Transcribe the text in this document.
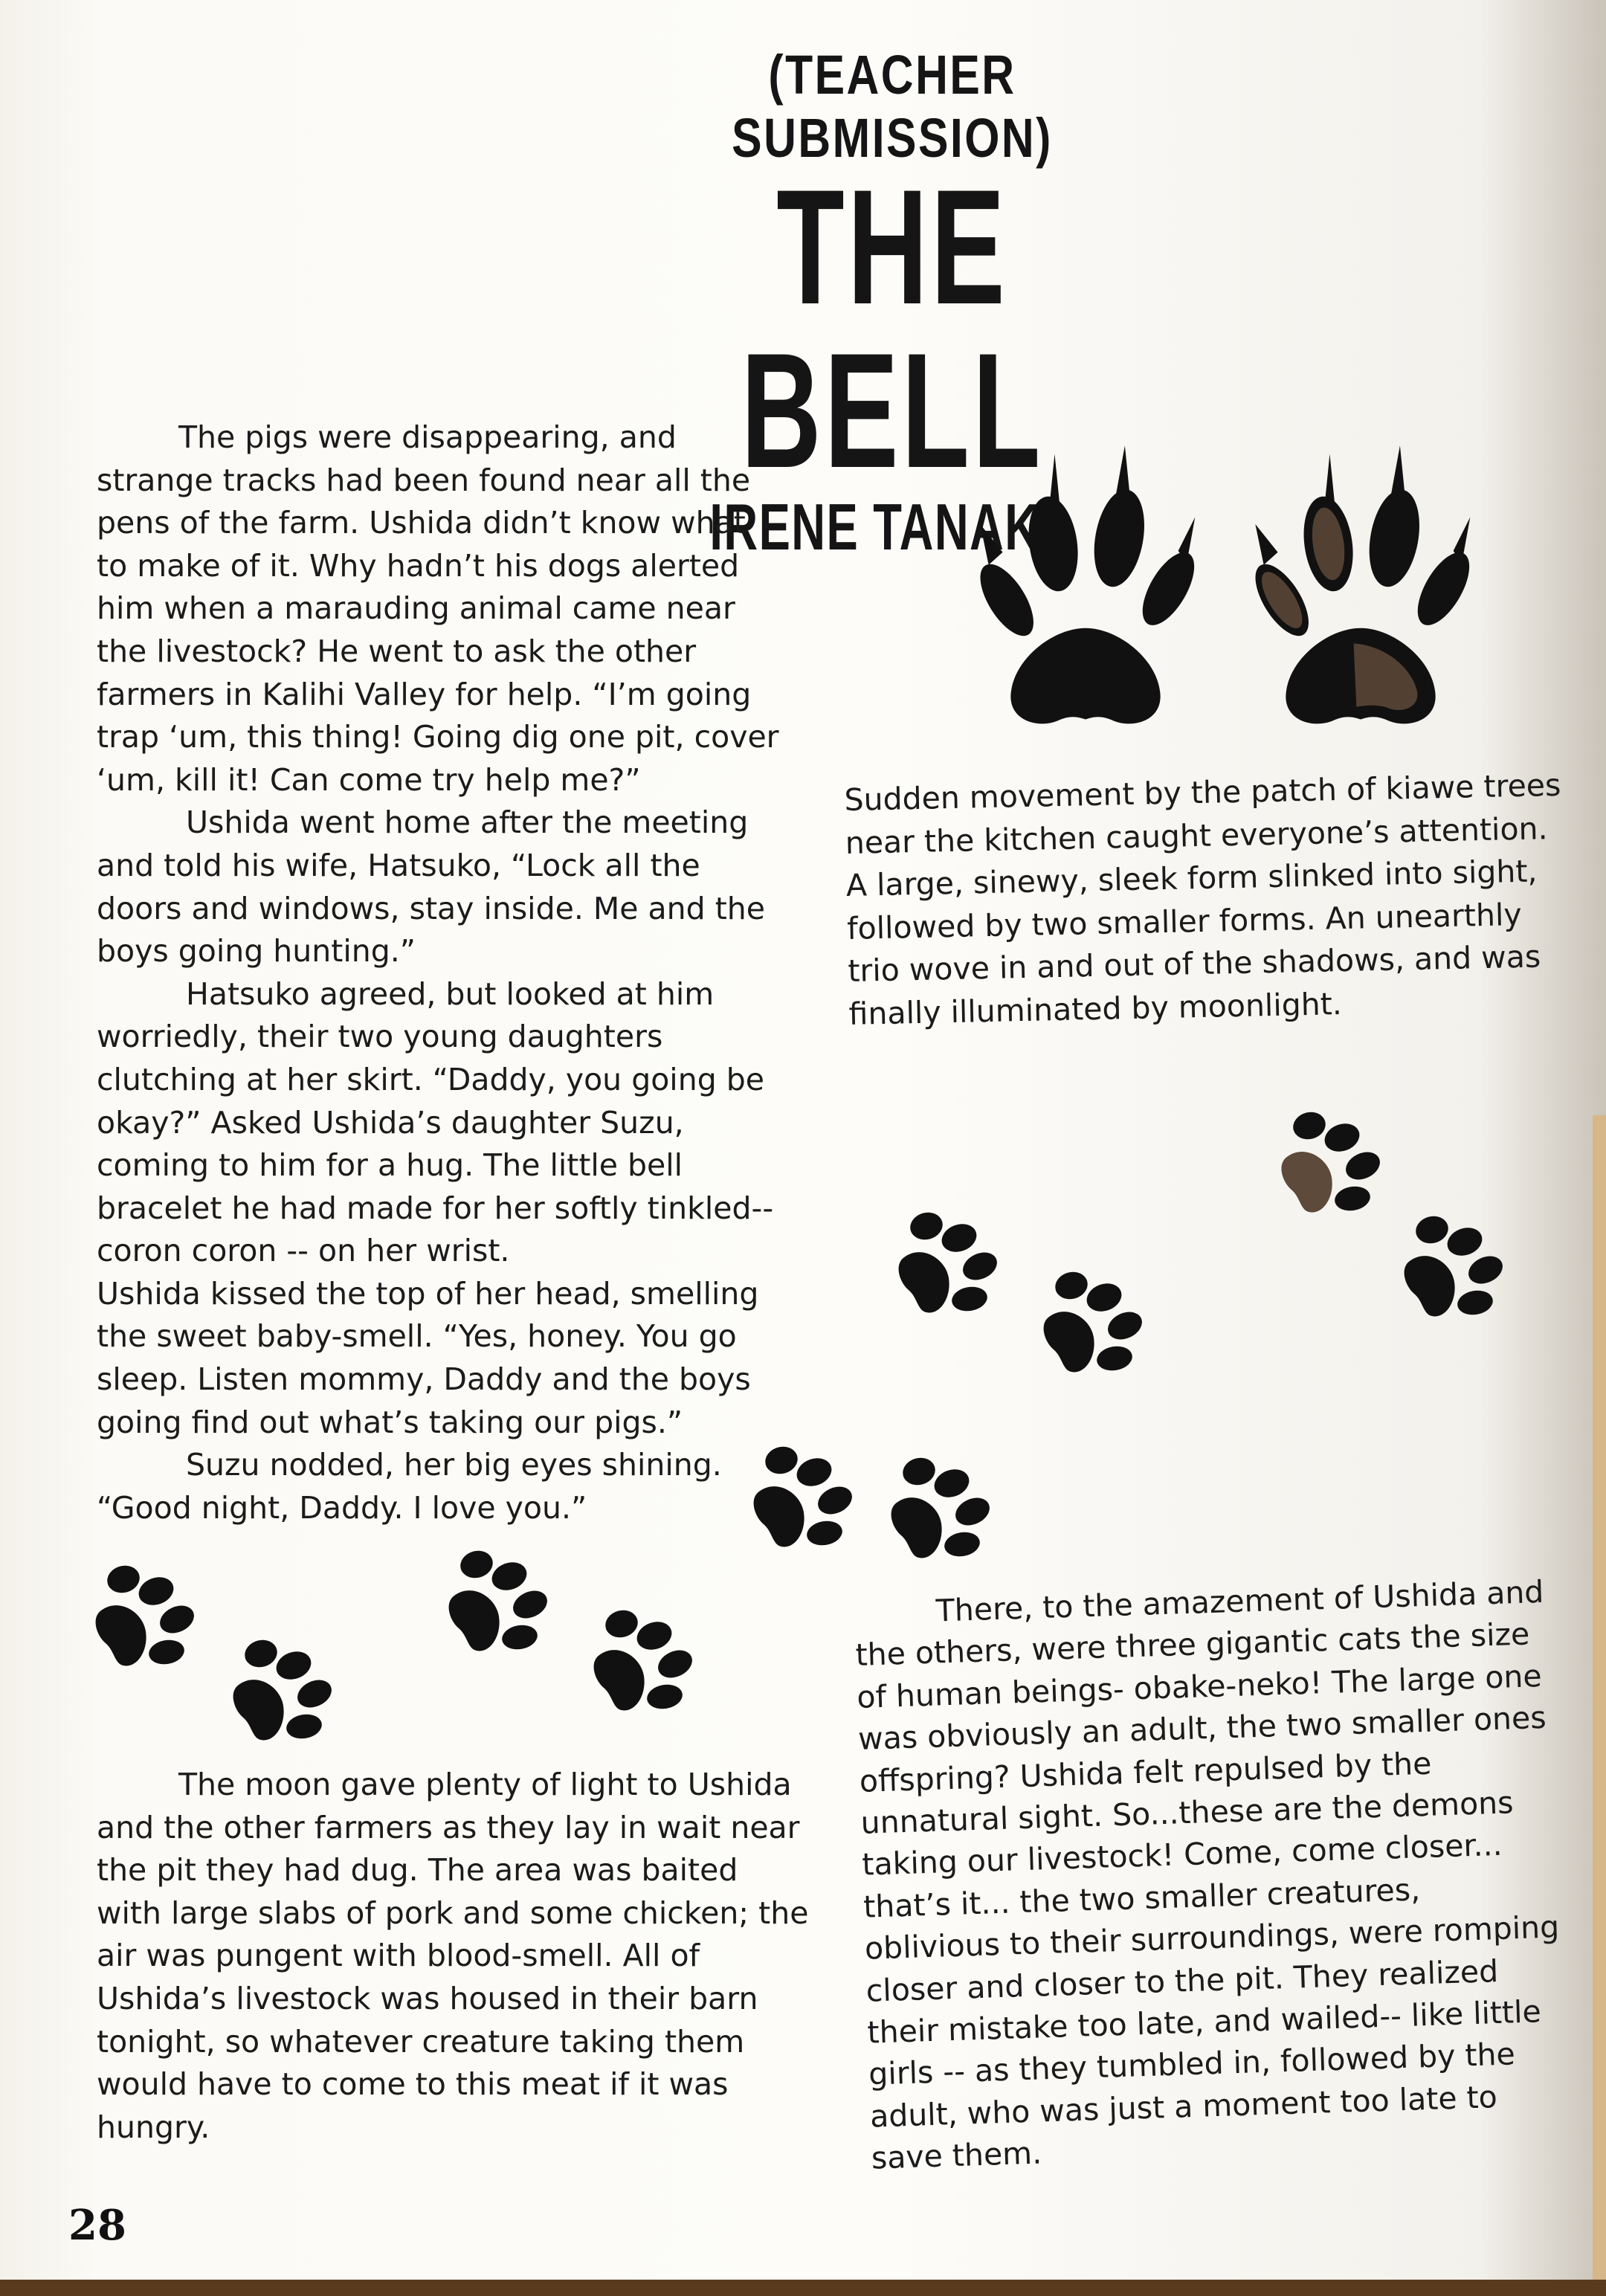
(TEACHER SUBMISSION)
THE BELL
IRENE TANAKA

The pigs were disappearing, and strange tracks had been found near all the pens of the farm. Ushida didn’t know what to make of it. Why hadn’t his dogs alerted him when a marauding animal came near the livestock? He went to ask the other farmers in Kalihi Valley for help. “I’m going trap ‘um, this thing! Going dig one pit, cover ‘um, kill it! Can come try help me?”

Ushida went home after the meeting and told his wife, Hatsuko, “Lock all the doors and windows, stay inside. Me and the boys going hunting.”

Hatsuko agreed, but looked at him worriedly, their two young daughters clutching at her skirt. “Daddy, you going be okay?” Asked Ushida’s daughter Suzu, coming to him for a hug. The little bell bracelet he had made for her softly tinkled-- coron coron -- on her wrist.

Ushida kissed the top of her head, smelling the sweet baby-smell. “Yes, honey. You go sleep. Listen mommy, Daddy and the boys going find out what’s taking our pigs.”

Suzu nodded, her big eyes shining. “Good night, Daddy. I love you.”

The moon gave plenty of light to Ushida and the other farmers as they lay in wait near the pit they had dug. The area was baited with large slabs of pork and some chicken; the air was pungent with blood-smell. All of Ushida’s livestock was housed in their barn tonight, so whatever creature taking them would have to come to this meat if it was hungry.

Sudden movement by the patch of kiawe trees near the kitchen caught everyone’s attention. A large, sinewy, sleek form slinked into sight, followed by two smaller forms. An unearthly trio wove in and out of the shadows, and was finally illuminated by moonlight.

There, to the amazement of Ushida and the others, were three gigantic cats the size of human beings- obake-neko! The large one was obviously an adult, the two smaller ones offspring? Ushida felt repulsed by the unnatural sight. So...these are the demons taking our livestock! Come, come closer... that’s it... the two smaller creatures, oblivious to their surroundings, were romping closer and closer to the pit. They realized their mistake too late, and wailed-- like little girls -- as they tumbled in, followed by the adult, who was just a moment too late to save them.

28
